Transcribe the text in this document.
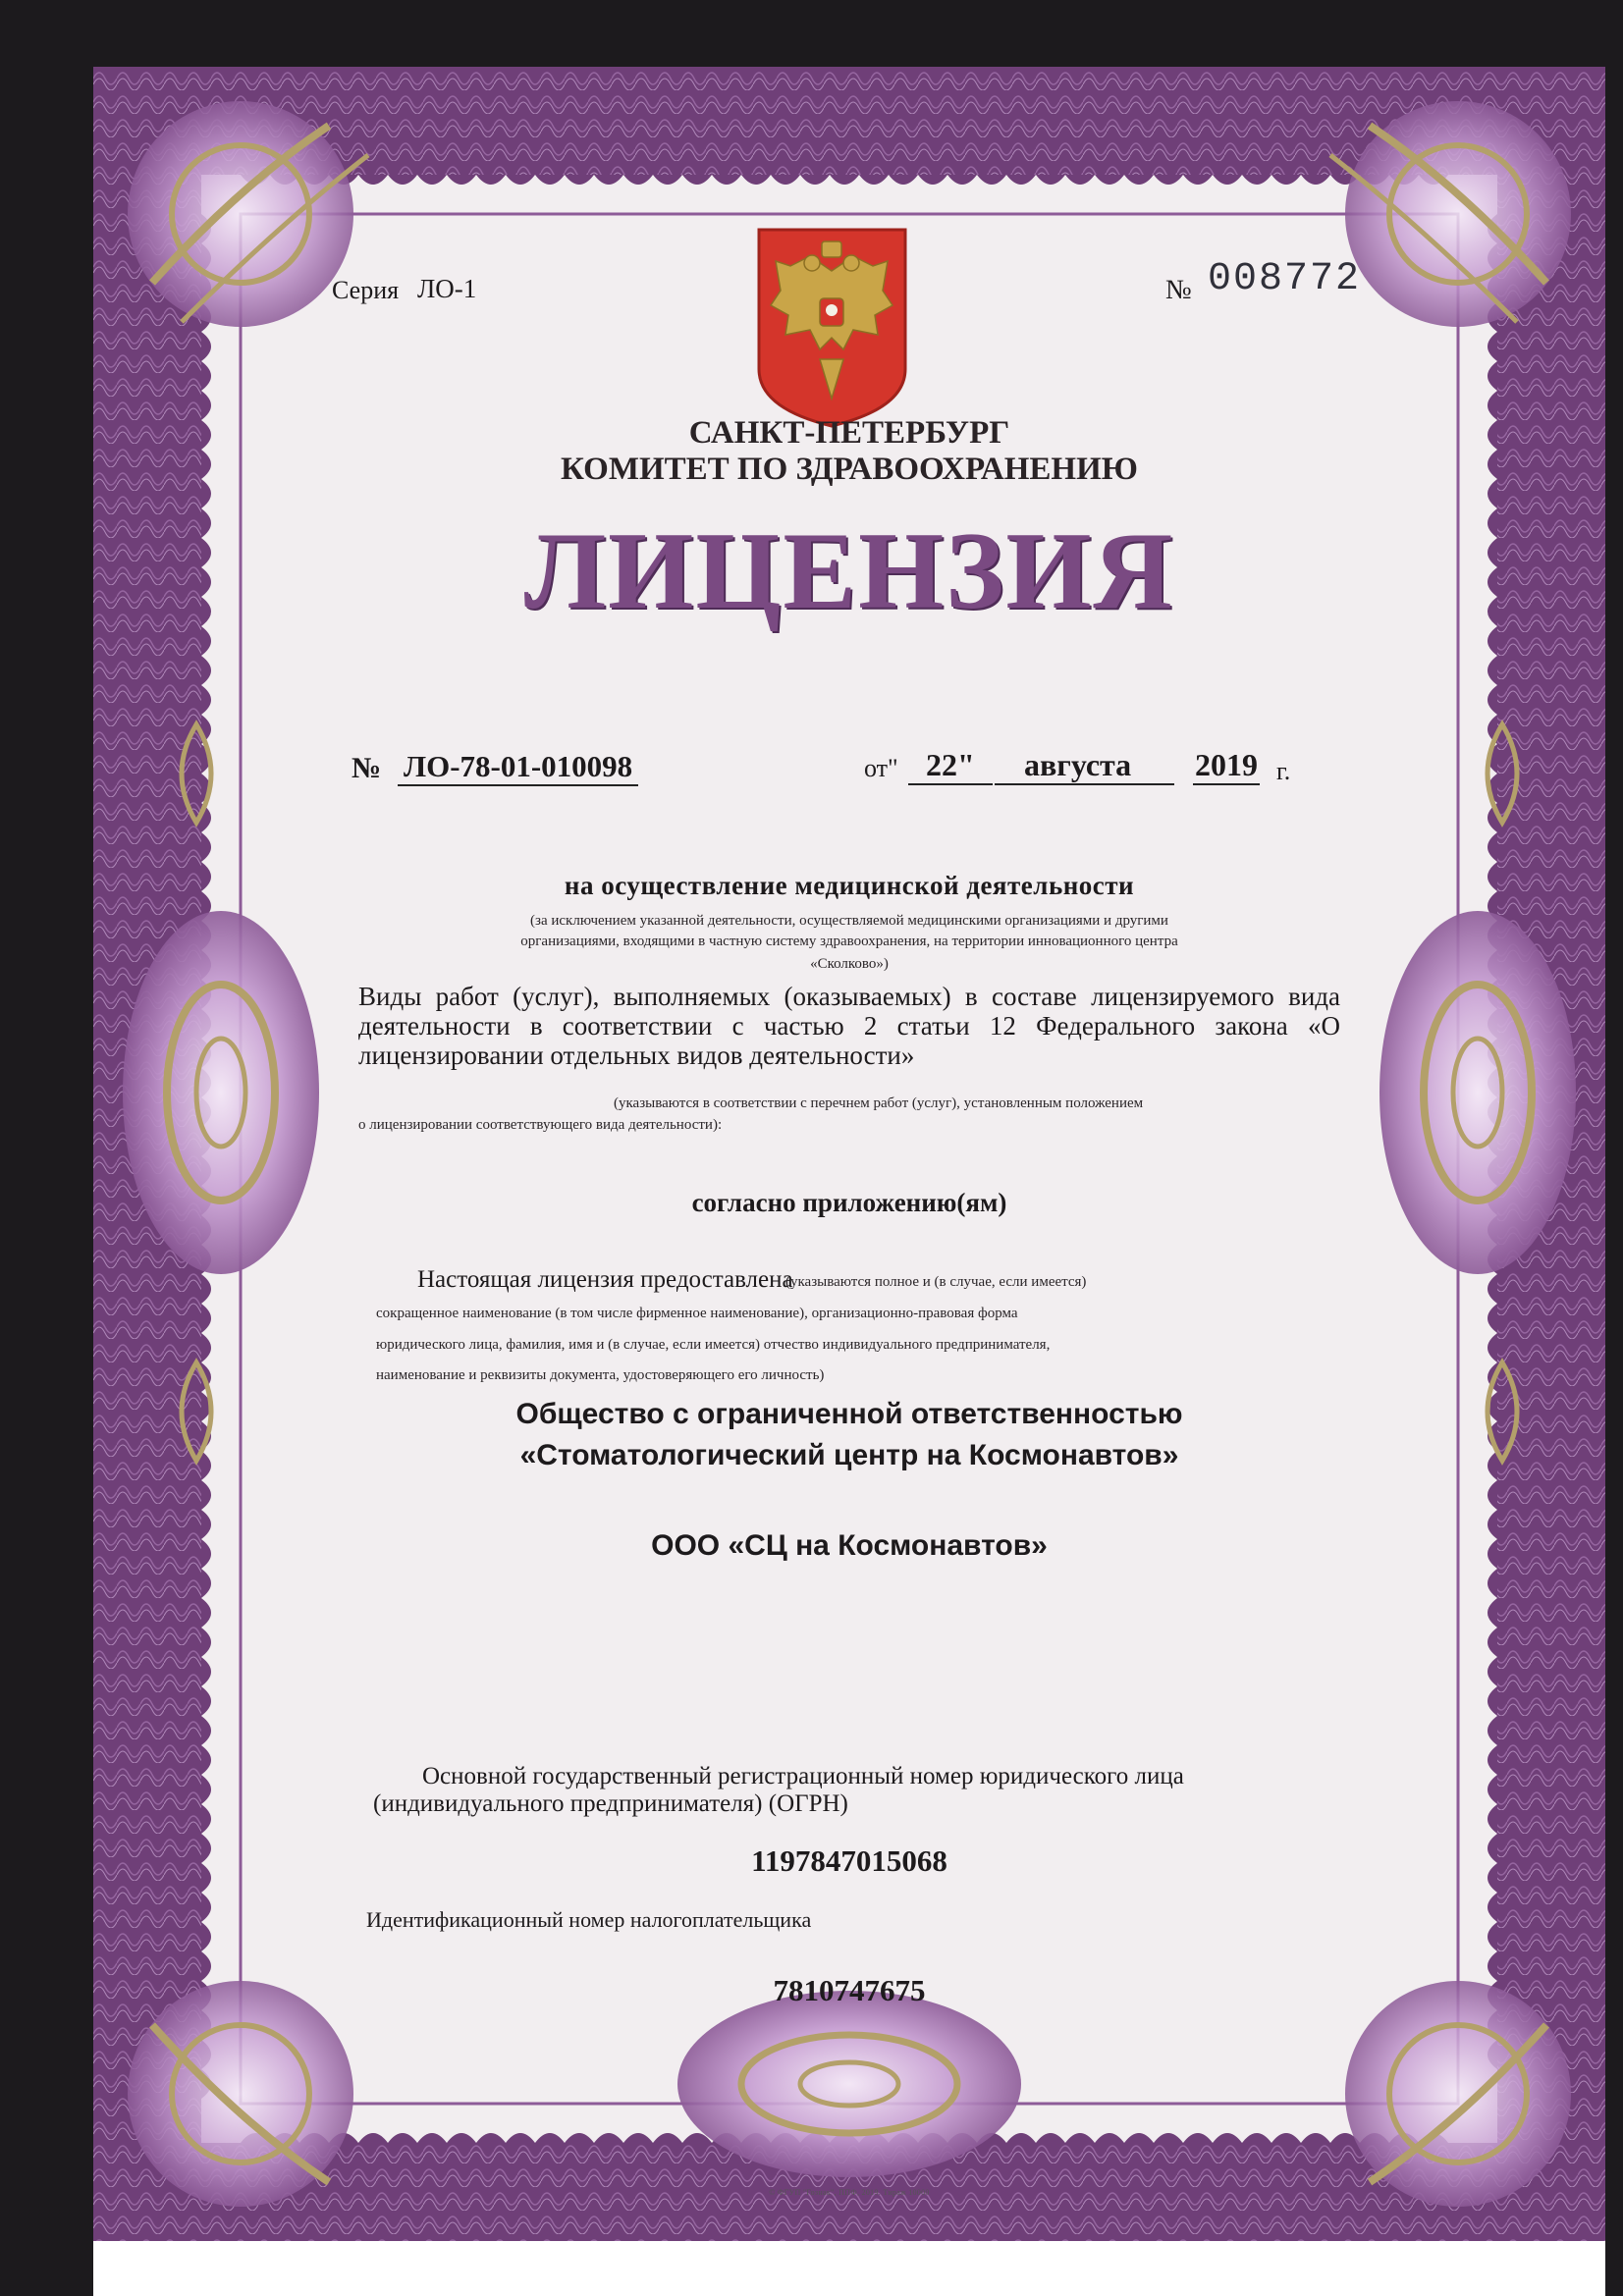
Серия ЛО-1	№ 008772
САНКТ-ПЕТЕРБУРГ
КОМИТЕТ ПО ЗДРАВООХРАНЕНИЮ
ЛИЦЕНЗИЯ
№ ЛО-78-01-010098	от" 22"	августа	2019 г.
на осуществление медицинской деятельности
(за исключением указанной деятельности, осуществляемой медицинскими организациями и другими
организациями, входящими в частную систему здравоохранения, на территории инновационного центра
«Сколково»)
Виды работ (услуг), выполняемых (оказываемых) в составе лицензируемого вида деятельности в соответствии с частью 2 статьи 12 Федерального закона «О лицензировании отдельных видов деятельности»
(указываются в соответствии с перечнем работ (услуг), установленным положением
о лицензировании соответствующего вида деятельности):
согласно приложению(ям)
Настоящая лицензия предоставлена
(указываются полное и (в случае, если имеется)
сокращенное наименование (в том числе фирменное наименование), организационно-правовая форма
юридического лица, фамилия, имя и (в случае, если имеется) отчество индивидуального предпринимателя,
наименование и реквизиты документа, удостоверяющего его личность)
Общество с ограниченной ответственностью
«Стоматологический центр на Космонавтов»
ООО «СЦ на Космонавтов»
Основной государственный регистрационный номер юридического лица
(индивидуального предпринимателя) (ОГРН)
1197847015068
Идентификационный номер налогоплательщика
7810747675
© ФГУП "Гознак", ППФ, 2019. Тираж 10000
